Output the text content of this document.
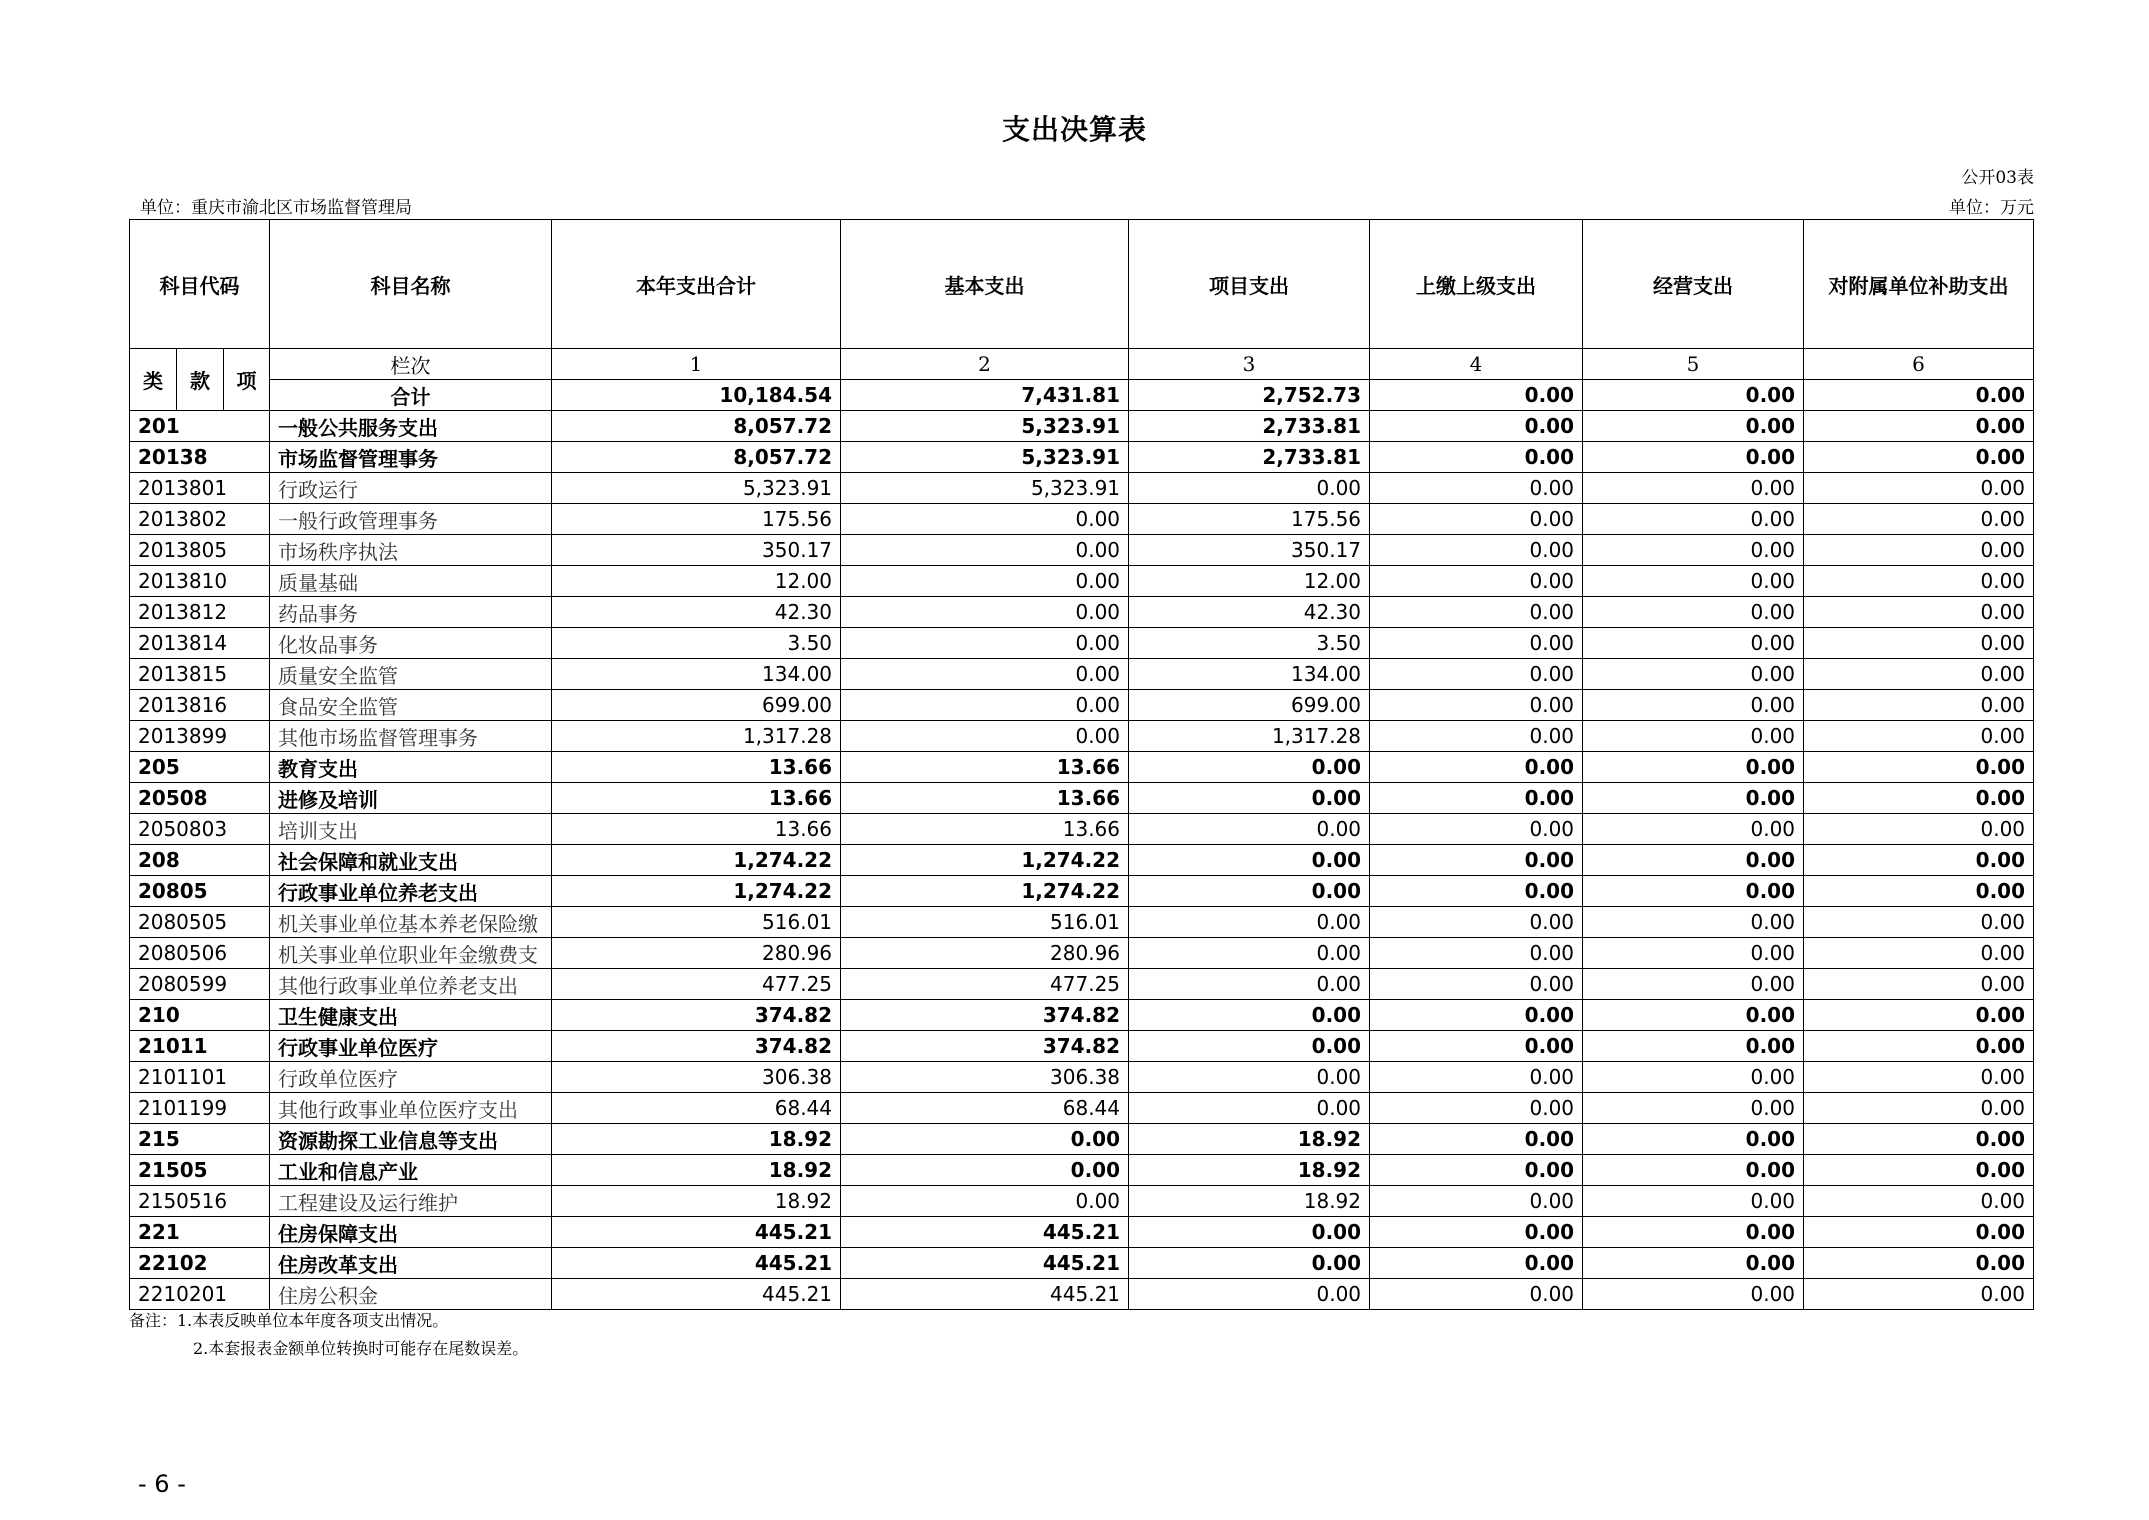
支出决算表
公开03表
单位：重庆市渝北区市场监督管理局	单位：万元
科目代码			科目名称	本年支出合计	基本支出	项目支出	上缴上级支出	经营支出	对附属单位补助支出
类	款	项	栏次	1	2	3	4	5	6
			合计	10,184.54	7,431.81	2,752.73	0.00	0.00	0.00
201			一般公共服务支出	8,057.72	5,323.91	2,733.81	0.00	0.00	0.00
20138			市场监督管理事务	8,057.72	5,323.91	2,733.81	0.00	0.00	0.00
2013801			行政运行	5,323.91	5,323.91	0.00	0.00	0.00	0.00
2013802			一般行政管理事务	175.56	0.00	175.56	0.00	0.00	0.00
2013805			市场秩序执法	350.17	0.00	350.17	0.00	0.00	0.00
2013810			质量基础	12.00	0.00	12.00	0.00	0.00	0.00
2013812			药品事务	42.30	0.00	42.30	0.00	0.00	0.00
2013814			化妆品事务	3.50	0.00	3.50	0.00	0.00	0.00
2013815			质量安全监管	134.00	0.00	134.00	0.00	0.00	0.00
2013816			食品安全监管	699.00	0.00	699.00	0.00	0.00	0.00
2013899			其他市场监督管理事务	1,317.28	0.00	1,317.28	0.00	0.00	0.00
205			教育支出	13.66	13.66	0.00	0.00	0.00	0.00
20508			进修及培训	13.66	13.66	0.00	0.00	0.00	0.00
2050803			培训支出	13.66	13.66	0.00	0.00	0.00	0.00
208			社会保障和就业支出	1,274.22	1,274.22	0.00	0.00	0.00	0.00
20805			行政事业单位养老支出	1,274.22	1,274.22	0.00	0.00	0.00	0.00
2080505			机关事业单位基本养老保险缴	516.01	516.01	0.00	0.00	0.00	0.00
2080506			机关事业单位职业年金缴费支	280.96	280.96	0.00	0.00	0.00	0.00
2080599			其他行政事业单位养老支出	477.25	477.25	0.00	0.00	0.00	0.00
210			卫生健康支出	374.82	374.82	0.00	0.00	0.00	0.00
21011			行政事业单位医疗	374.82	374.82	0.00	0.00	0.00	0.00
2101101			行政单位医疗	306.38	306.38	0.00	0.00	0.00	0.00
2101199			其他行政事业单位医疗支出	68.44	68.44	0.00	0.00	0.00	0.00
215			资源勘探工业信息等支出	18.92	0.00	18.92	0.00	0.00	0.00
21505			工业和信息产业	18.92	0.00	18.92	0.00	0.00	0.00
2150516			工程建设及运行维护	18.92	0.00	18.92	0.00	0.00	0.00
221			住房保障支出	445.21	445.21	0.00	0.00	0.00	0.00
22102			住房改革支出	445.21	445.21	0.00	0.00	0.00	0.00
2210201			住房公积金	445.21	445.21	0.00	0.00	0.00	0.00
备注：1.本表反映单位本年度各项支出情况。
2.本套报表金额单位转换时可能存在尾数误差。
- 6 -
